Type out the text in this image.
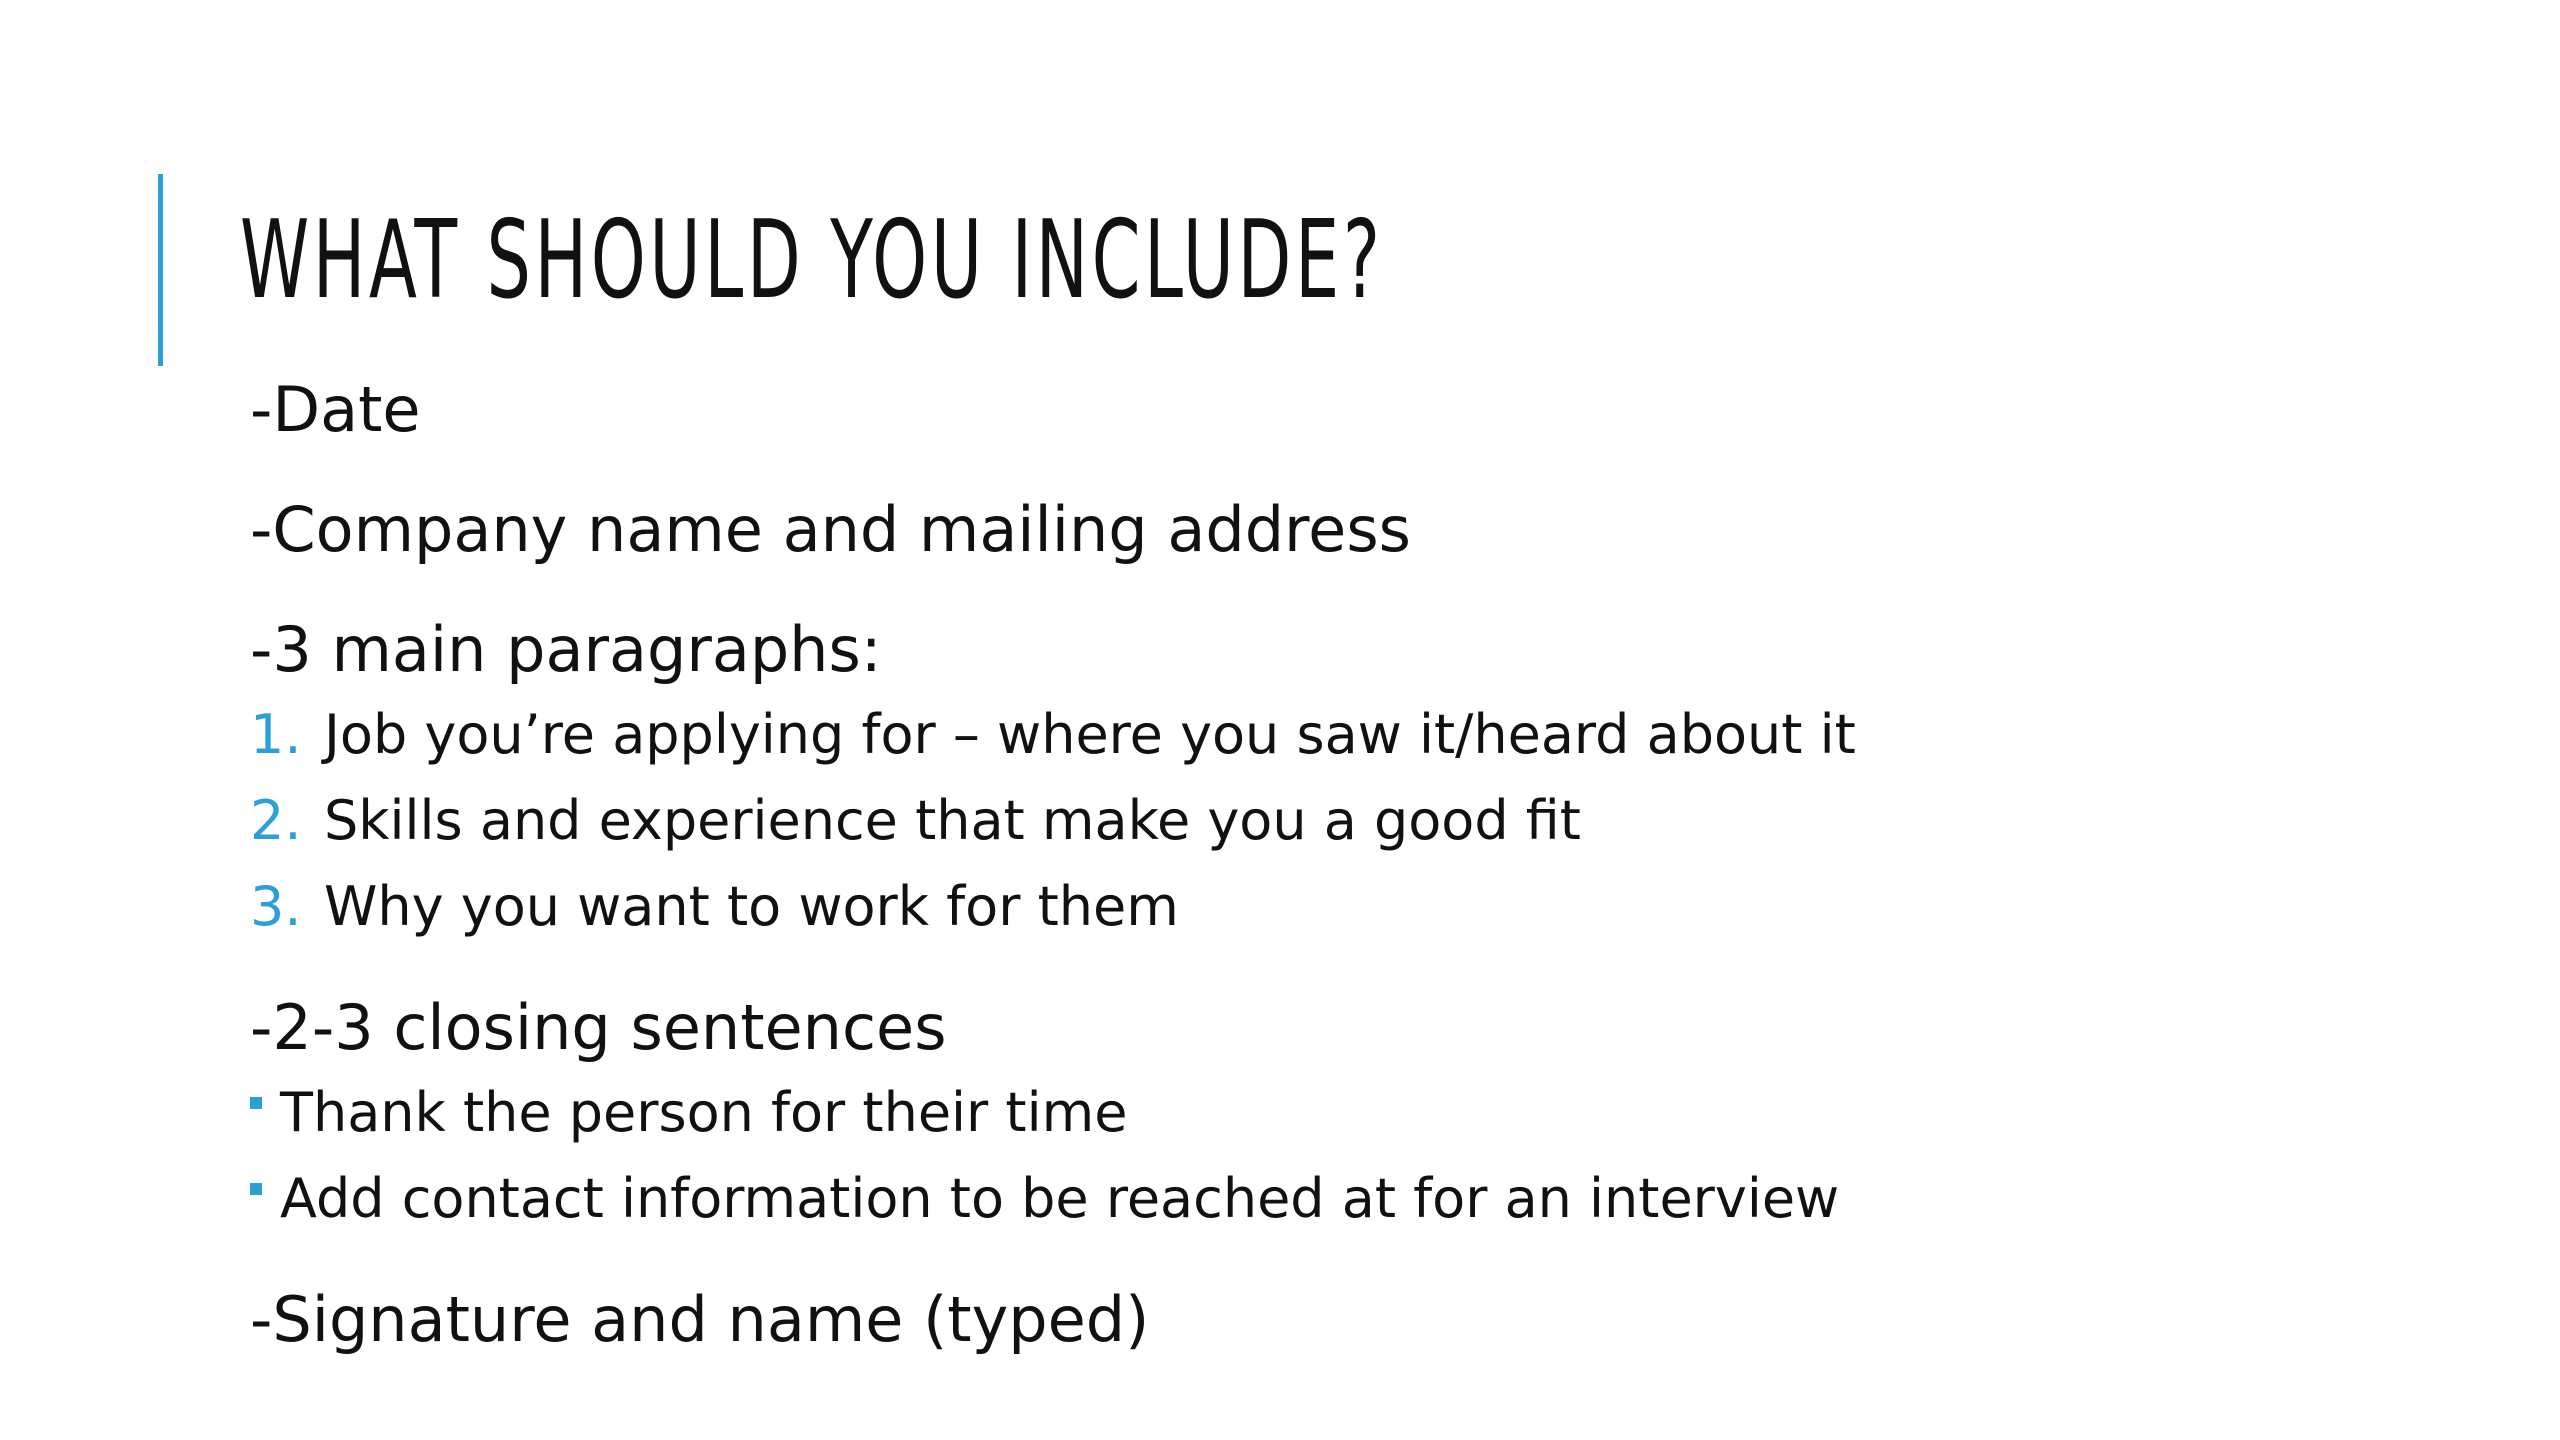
WHAT SHOULD YOU INCLUDE?
-Date
-Company name and mailing address
-3 main paragraphs:
1. Job you’re applying for – where you saw it/heard about it
2. Skills and experience that make you a good fit
3. Why you want to work for them
-2-3 closing sentences
Thank the person for their time
Add contact information to be reached at for an interview
-Signature and name (typed)
